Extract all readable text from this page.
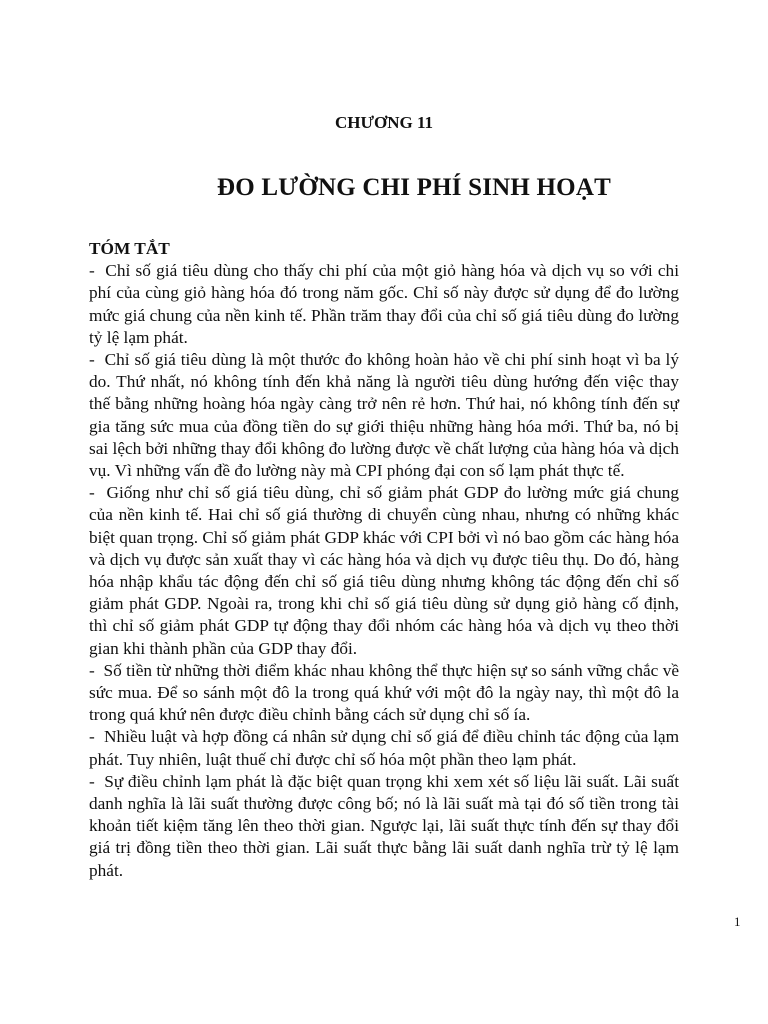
CHƯƠNG 11
ĐO LƯỜNG CHI PHÍ SINH HOẠT

TÓM TẮT

- Chỉ số giá tiêu dùng cho thấy chi phí của một giỏ hàng hóa và dịch vụ so với chi phí của cùng giỏ hàng hóa đó trong năm gốc. Chỉ số này được sử dụng để đo lường mức giá chung của nền kinh tế. Phần trăm thay đổi của chỉ số giá tiêu dùng đo lường tỷ lệ lạm phát.

- Chỉ số giá tiêu dùng là một thước đo không hoàn hảo về chi phí sinh hoạt vì ba lý do. Thứ nhất, nó không tính đến khả năng là người tiêu dùng hướng đến việc thay thế bằng những hoàng hóa ngày càng trở nên rẻ hơn. Thứ hai, nó không tính đến sự gia tăng sức mua của đồng tiền do sự giới thiệu những hàng hóa mới. Thứ ba, nó bị sai lệch bởi những thay đổi không đo lường được về chất lượng của hàng hóa và dịch vụ. Vì những vấn đề đo lường này mà CPI phóng đại con số lạm phát thực tế.

- Giống như chỉ số giá tiêu dùng, chỉ số giảm phát GDP đo lường mức giá chung của nền kinh tế. Hai chỉ số giá thường di chuyển cùng nhau, nhưng có những khác biệt quan trọng. Chỉ số giảm phát GDP khác với CPI bởi vì nó bao gồm các hàng hóa và dịch vụ được sản xuất thay vì các hàng hóa và dịch vụ được tiêu thụ. Do đó, hàng hóa nhập khẩu tác động đến chỉ số giá tiêu dùng nhưng không tác động đến chỉ số giảm phát GDP. Ngoài ra, trong khi chỉ số giá tiêu dùng sử dụng giỏ hàng cố định, thì chỉ số giảm phát GDP tự động thay đổi nhóm các hàng hóa và dịch vụ theo thời gian khi thành phần của GDP thay đổi.

- Số tiền từ những thời điểm khác nhau không thể thực hiện sự so sánh vững chắc về sức mua. Để so sánh một đô la trong quá khứ với một đô la ngày nay, thì một đô la trong quá khứ nên được điều chỉnh bằng cách sử dụng chỉ số ía.

- Nhiều luật và hợp đồng cá nhân sử dụng chỉ số giá để điều chỉnh tác động của lạm phát. Tuy nhiên, luật thuế chỉ được chỉ số hóa một phần theo lạm phát.

- Sự điều chỉnh lạm phát là đặc biệt quan trọng khi xem xét số liệu lãi suất. Lãi suất danh nghĩa là lãi suất thường được công bố; nó là lãi suất mà tại đó số tiền trong tài khoản tiết kiệm tăng lên theo thời gian. Ngược lại, lãi suất thực tính đến sự thay đổi giá trị đồng tiền theo thời gian. Lãi suất thực bằng lãi suất danh nghĩa trừ tỷ lệ lạm phát.

1
